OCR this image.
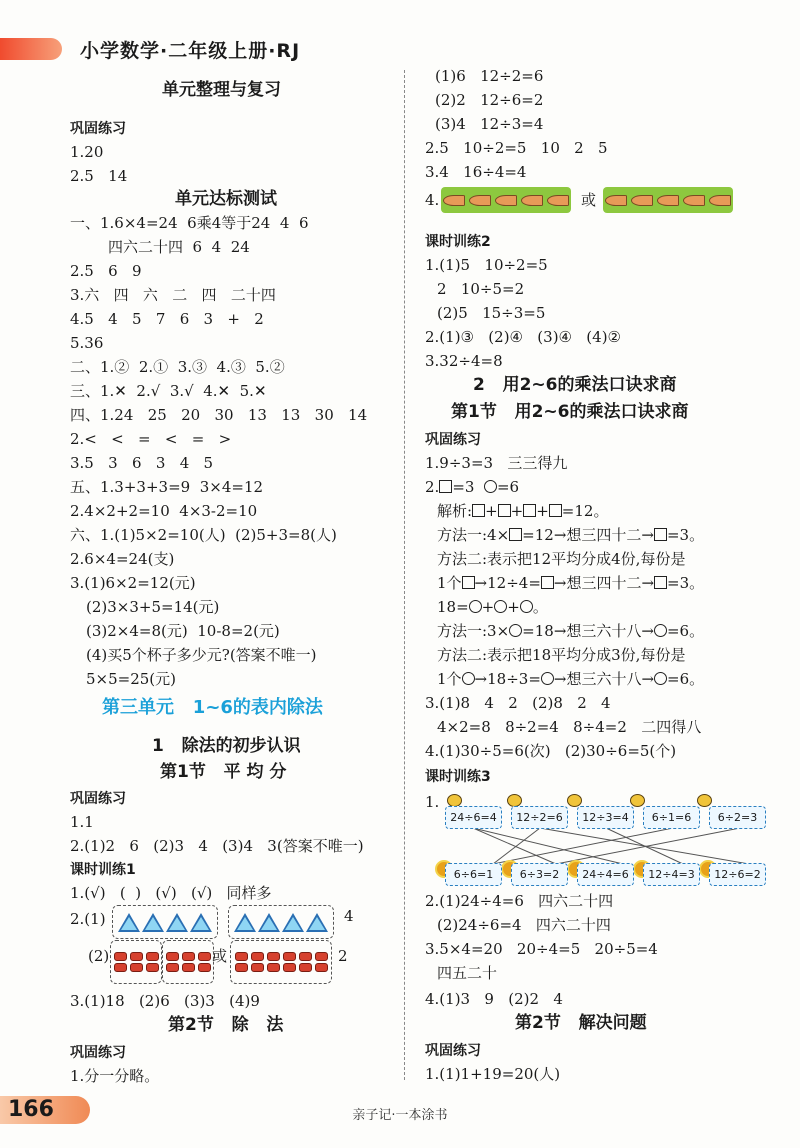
小学数学·二年级上册·RJ
单元整理与复习
巩固练习
1.20
2.5   14
单元达标测试
一、1.6×4=24  6乘4等于24  4  6
四六二十四  6  4  24
2.5   6   9
3.六   四   六   二   四   二十四
4.5   4   5   7   6   3   +   2
5.36
二、1.②  2.①  3.③  4.③  5.②
三、1.✕  2.√  3.√  4.✕  5.✕
四、1.24   25   20   30   13   13   30   14
2.<   <   =   <   =   >
3.5   3   6   3   4   5
五、1.3+3+3=9  3×4=12
2.4×2+2=10  4×3-2=10
六、1.(1)5×2=10(人)  (2)5+3=8(人)
2.6×4=24(支)
3.(1)6×2=12(元)
(2)3×3+5=14(元)
(3)2×4=8(元)  10-8=2(元)
(4)买5个杯子多少元?(答案不唯一)
5×5=25(元)
第三单元   1~6的表内除法
1   除法的初步认识
第1节   平 均 分
巩固练习
1.1
2.(1)2   6   (2)3   4   (3)4   3(答案不唯一)
课时训练1
1.(√)   (  )   (√)   (√)   同样多
2.(1)	4
(2)	或	2
3.(1)18   (2)6   (3)3   (4)9
第2节   除   法
巩固练习
1.分一分略。
(1)6   12÷2=6
(2)2   12÷6=2
(3)4   12÷3=4
2.5   10÷2=5   10   2   5
3.4   16÷4=4
4.	或
课时训练2
1.(1)5   10÷2=5
2   10÷5=2
(2)5   15÷3=5
2.(1)③   (2)④   (3)④   (4)②
3.32÷4=8
2   用2~6的乘法口诀求商
第1节   用2~6的乘法口诀求商
巩固练习
1.9÷3=3   三三得九
2. =3  =6
解析: + + + =12。
方法一:4× =12→想三四十二→ =3。
方法二:表示把12平均分成4份,每份是
1个 →12÷4= →想三四十二→ =3。
18= + + 。
方法一:3× =18→想三六十八→ =6。
方法二:表示把18平均分成3份,每份是
1个 →18÷3= →想三六十八→ =6。
3.(1)8   4   2   (2)8   2   4
4×2=8   8÷2=4   8÷4=2   二四得八
4.(1)30÷5=6(次)   (2)30÷6=5(个)
课时训练3
1.
24÷6=4	12÷2=6	12÷3=4	6÷1=6	6÷2=3
6÷6=1	6÷3=2	24÷4=6	12÷4=3	12÷6=2
2.(1)24÷4=6   四六二十四
(2)24÷6=4   四六二十四
3.5×4=20   20÷4=5   20÷5=4
四五二十
4.(1)3   9   (2)2   4
第2节   解决问题
巩固练习
1.(1)1+19=20(人)
166	亲子记·一本涂书
